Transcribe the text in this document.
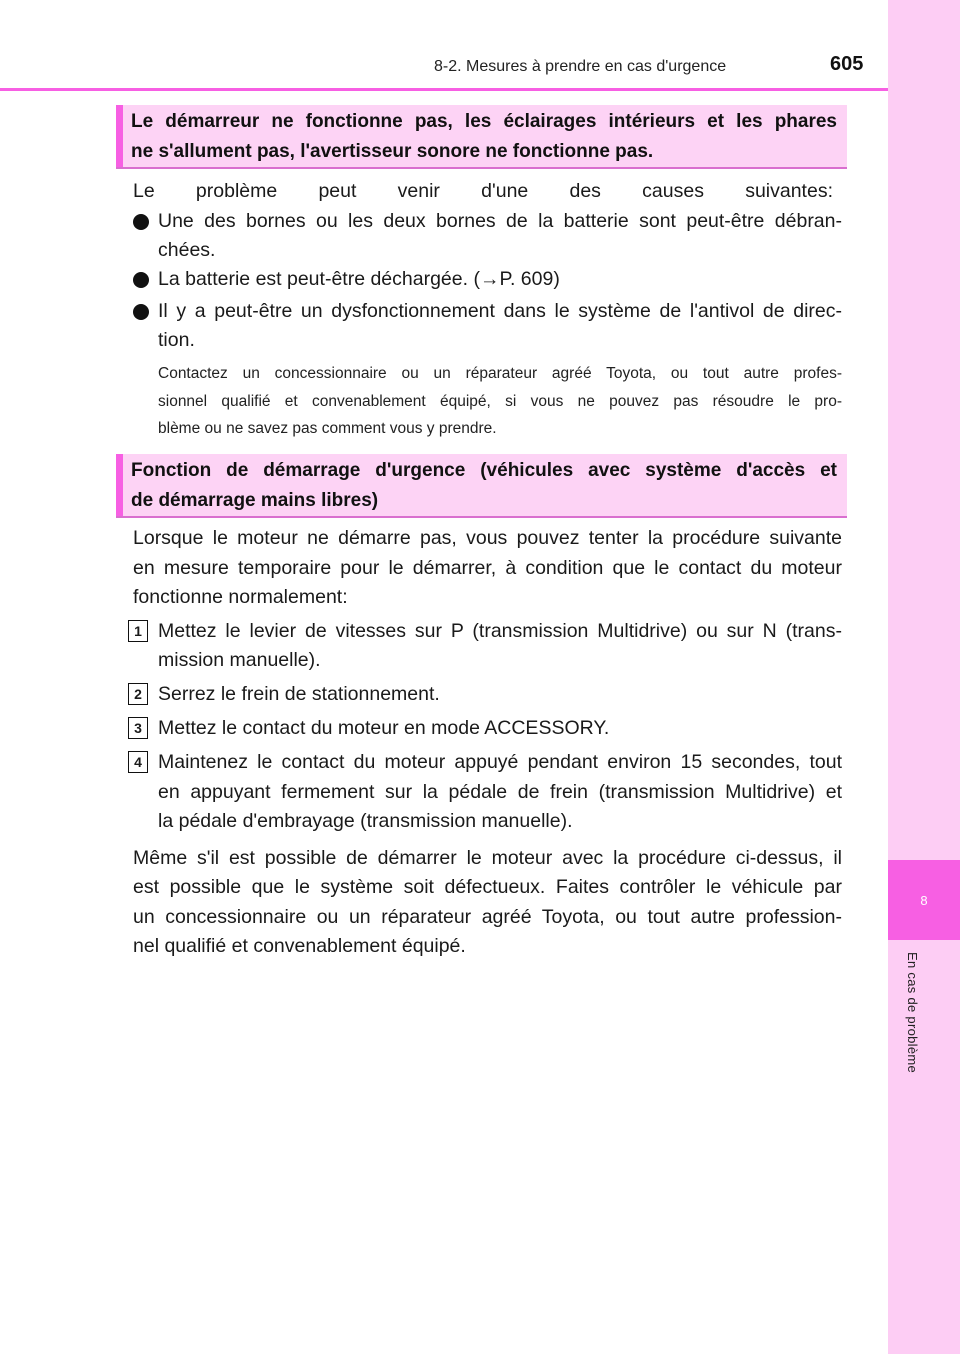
8
En cas de problème
8-2. Mesures à prendre en cas d'urgence	605
Le démarreur ne fonctionne pas, les éclairages intérieurs et les phares
ne s'allument pas, l'avertisseur sonore ne fonctionne pas.
Le problème peut venir d'une des causes suivantes:
Une des bornes ou les deux bornes de la batterie sont peut-être débran-
chées.
La batterie est peut-être déchargée. (→P. 609)
Il y a peut-être un dysfonctionnement dans le système de l'antivol de direc-
tion.
Contactez un concessionnaire ou un réparateur agréé Toyota, ou tout autre profes-
sionnel qualifié et convenablement équipé, si vous ne pouvez pas résoudre le pro-
blème ou ne savez pas comment vous y prendre.
Fonction de démarrage d'urgence (véhicules avec système d'accès et
de démarrage mains libres)
Lorsque le moteur ne démarre pas, vous pouvez tenter la procédure suivante
en mesure temporaire pour le démarrer, à condition que le contact du moteur
fonctionne normalement:
1 Mettez le levier de vitesses sur P (transmission Multidrive) ou sur N (trans-
mission manuelle).
2 Serrez le frein de stationnement.
3 Mettez le contact du moteur en mode ACCESSORY.
4 Maintenez le contact du moteur appuyé pendant environ 15 secondes, tout
en appuyant fermement sur la pédale de frein (transmission Multidrive) et
la pédale d'embrayage (transmission manuelle).
Même s'il est possible de démarrer le moteur avec la procédure ci-dessus, il
est possible que le système soit défectueux. Faites contrôler le véhicule par
un concessionnaire ou un réparateur agréé Toyota, ou tout autre profession-
nel qualifié et convenablement équipé.
